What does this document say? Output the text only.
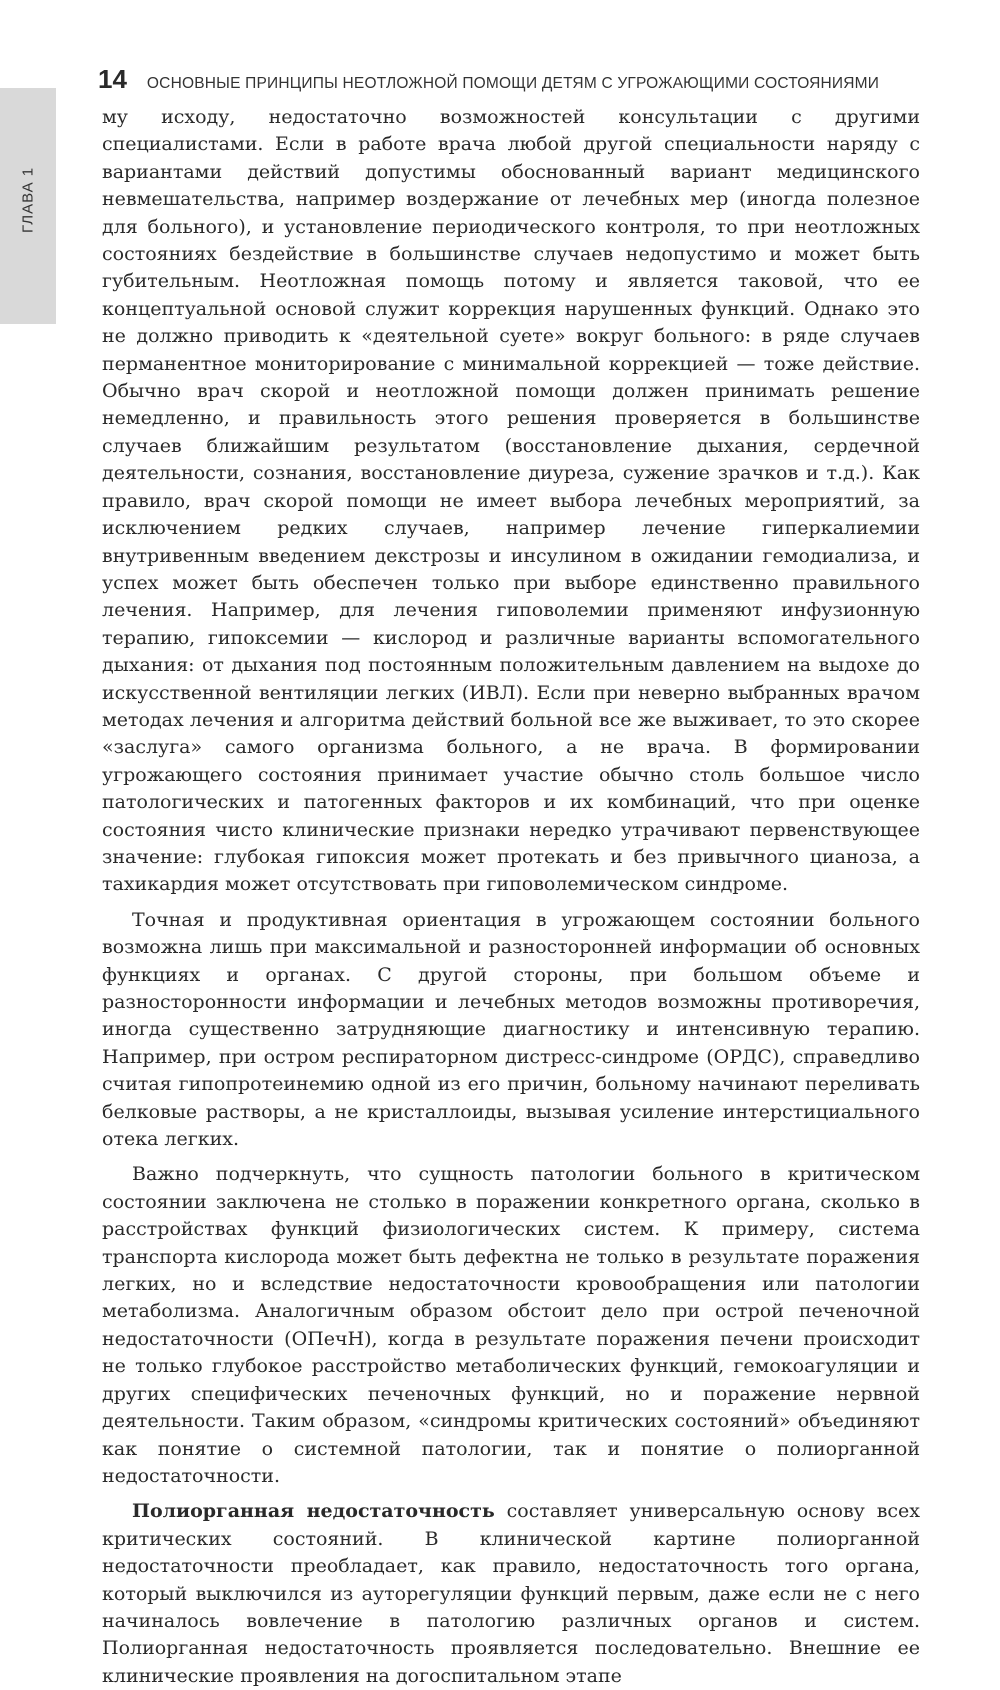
ГЛАВА 1
14 ОСНОВНЫЕ ПРИНЦИПЫ НЕОТЛОЖНОЙ ПОМОЩИ ДЕТЯМ С УГРОЖАЮЩИМИ СОСТОЯНИЯМИ

му исходу, недостаточно возможностей консультации с другими специалистами. Если в работе врача любой другой специальности наряду с вариантами действий допустимы обоснованный вариант медицинского невмешательства, например воздержание от лечебных мер (иногда полезное для больного), и установление периодического контроля, то при неотложных состояниях бездействие в большинстве случаев недопустимо и может быть губительным. Неотложная помощь потому и является таковой, что ее концептуальной основой служит коррекция нарушенных функций. Однако это не должно приводить к «деятельной суете» вокруг больного: в ряде случаев перманентное мониторирование с минимальной коррекцией — тоже действие. Обычно врач скорой и неотложной помощи должен принимать решение немедленно, и правильность этого решения проверяется в большинстве случаев ближайшим результатом (восстановление дыхания, сердечной деятельности, сознания, восстановление диуреза, сужение зрачков и т.д.). Как правило, врач скорой помощи не имеет выбора лечебных мероприятий, за исключением редких случаев, например лечение гиперкалиемии внутривенным введением декстрозы и инсулином в ожидании гемодиализа, и успех может быть обеспечен только при выборе единственно правильного лечения. Например, для лечения гиповолемии применяют инфузионную терапию, гипоксемии — кислород и различные варианты вспомогательного дыхания: от дыхания под постоянным положительным давлением на выдохе до искусственной вентиляции легких (ИВЛ). Если при неверно выбранных врачом методах лечения и алгоритма действий больной все же выживает, то это скорее «заслуга» самого организма больного, а не врача. В формировании угрожающего состояния принимает участие обычно столь большое число патологических и патогенных факторов и их комбинаций, что при оценке состояния чисто клинические признаки нередко утрачивают первенствующее значение: глубокая гипоксия может протекать и без привычного цианоза, а тахикардия может отсутствовать при гиповолемическом синдроме.

Точная и продуктивная ориентация в угрожающем состоянии больного возможна лишь при максимальной и разносторонней информации об основных функциях и органах. С другой стороны, при большом объеме и разносторонности информации и лечебных методов возможны противоречия, иногда существенно затрудняющие диагностику и интенсивную терапию. Например, при остром респираторном дистресс-синдроме (ОРДС), справедливо считая гипопротеинемию одной из его причин, больному начинают переливать белковые растворы, а не кристаллоиды, вызывая усиление интерстициального отека легких.

Важно подчеркнуть, что сущность патологии больного в критическом состоянии заключена не столько в поражении конкретного органа, сколько в расстройствах функций физиологических систем. К примеру, система транспорта кислорода может быть дефектна не только в результате поражения легких, но и вследствие недостаточности кровообращения или патологии метаболизма. Аналогичным образом обстоит дело при острой печеночной недостаточности (ОПечН), когда в результате поражения печени происходит не только глубокое расстройство метаболических функций, гемокоагуляции и других специфических печеночных функций, но и поражение нервной деятельности. Таким образом, «синдромы критических состояний» объединяют как понятие о системной патологии, так и понятие о полиорганной недостаточности.

Полиорганная недостаточность составляет универсальную основу всех критических состояний. В клинической картине полиорганной недостаточности преобладает, как правило, недостаточность того органа, который выключился из ауторегуляции функций первым, даже если не с него начиналось вовлечение в патологию различных органов и систем. Полиорганная недостаточность проявляется последовательно. Внешние ее клинические проявления на догоспитальном этапе
